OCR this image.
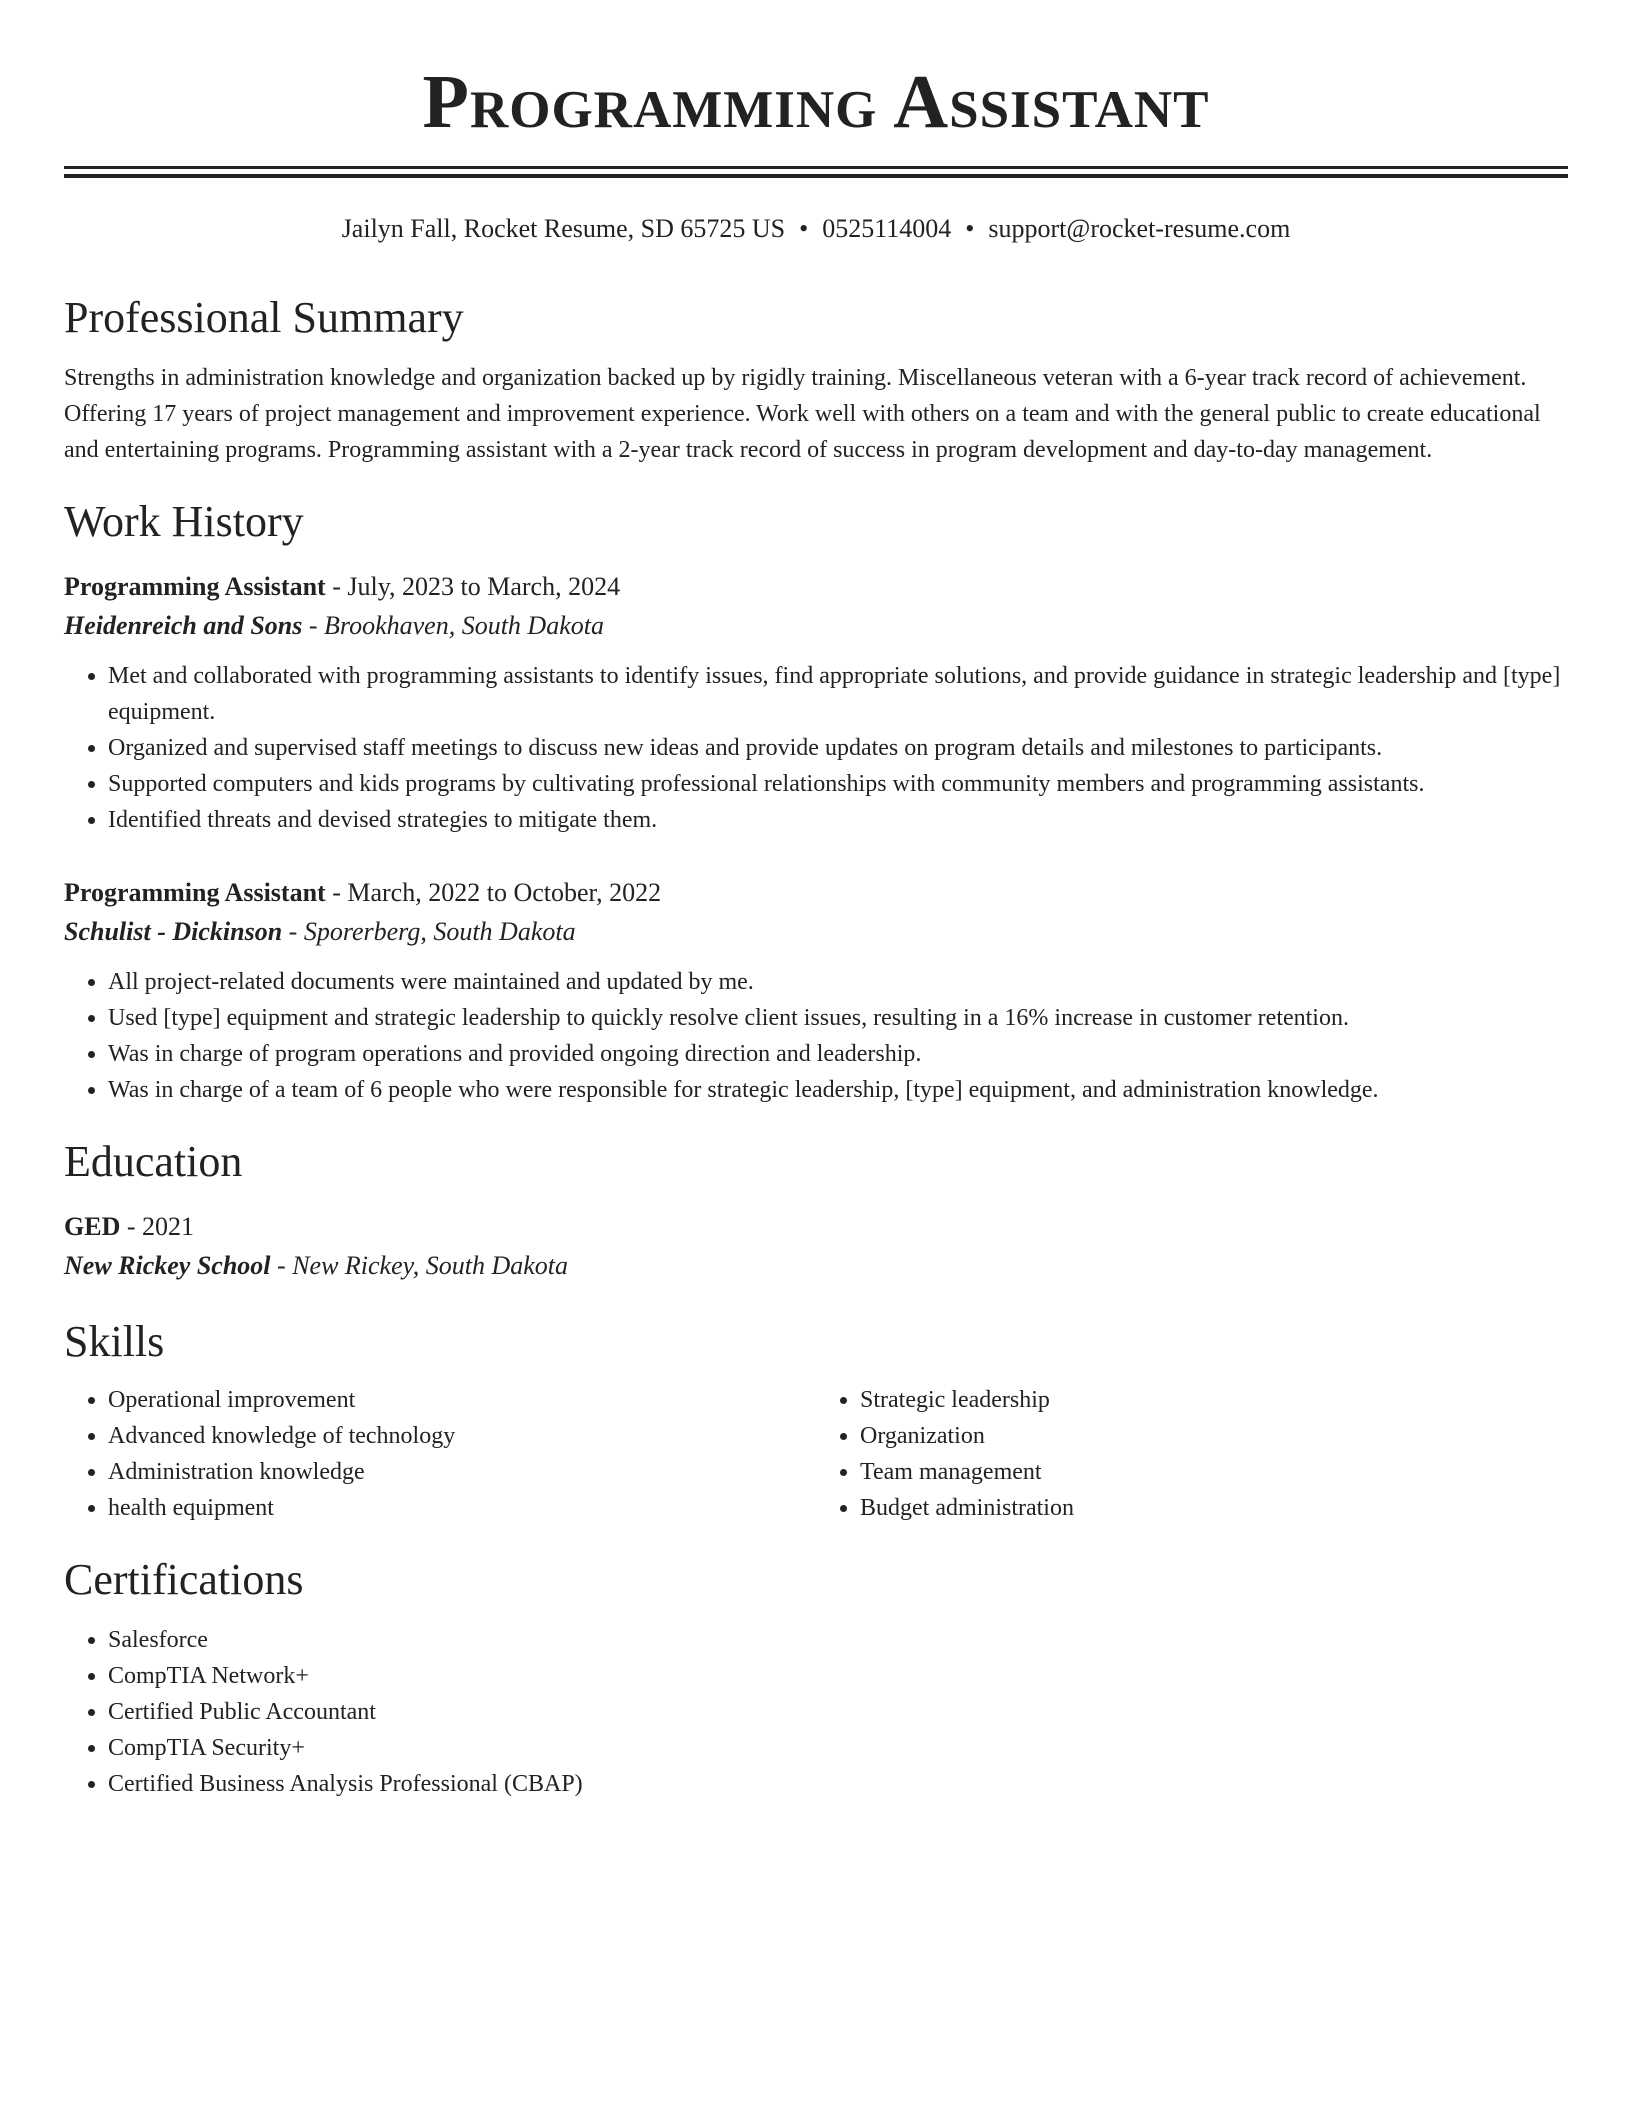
Programming Assistant
Jailyn Fall, Rocket Resume, SD 65725 US • 0525114004 • support@rocket-resume.com
Professional Summary

Strengths in administration knowledge and organization backed up by rigidly training. Miscellaneous veteran with a 6-year track record of achievement. Offering 17 years of project management and improvement experience. Work well with others on a team and with the general public to create educational and entertaining programs. Programming assistant with a 2-year track record of success in program development and day-to-day management.

Work History
Programming Assistant - July, 2023 to March, 2024
Heidenreich and Sons - Brookhaven, South Dakota
• Met and collaborated with programming assistants to identify issues, find appropriate solutions, and provide guidance in strategic leadership and [type] equipment.
• Organized and supervised staff meetings to discuss new ideas and provide updates on program details and milestones to participants.
• Supported computers and kids programs by cultivating professional relationships with community members and programming assistants.
• Identified threats and devised strategies to mitigate them.
Programming Assistant - March, 2022 to October, 2022
Schulist - Dickinson - Sporerberg, South Dakota
• All project-related documents were maintained and updated by me.
• Used [type] equipment and strategic leadership to quickly resolve client issues, resulting in a 16% increase in customer retention.
• Was in charge of program operations and provided ongoing direction and leadership.
• Was in charge of a team of 6 people who were responsible for strategic leadership, [type] equipment, and administration knowledge.
Education
GED - 2021
New Rickey School - New Rickey, South Dakota
Skills
• Operational improvement
• Advanced knowledge of technology
• Administration knowledge
• health equipment
• Strategic leadership
• Organization
• Team management
• Budget administration
Certifications
• Salesforce
• CompTIA Network+
• Certified Public Accountant
• CompTIA Security+
• Certified Business Analysis Professional (CBAP)
